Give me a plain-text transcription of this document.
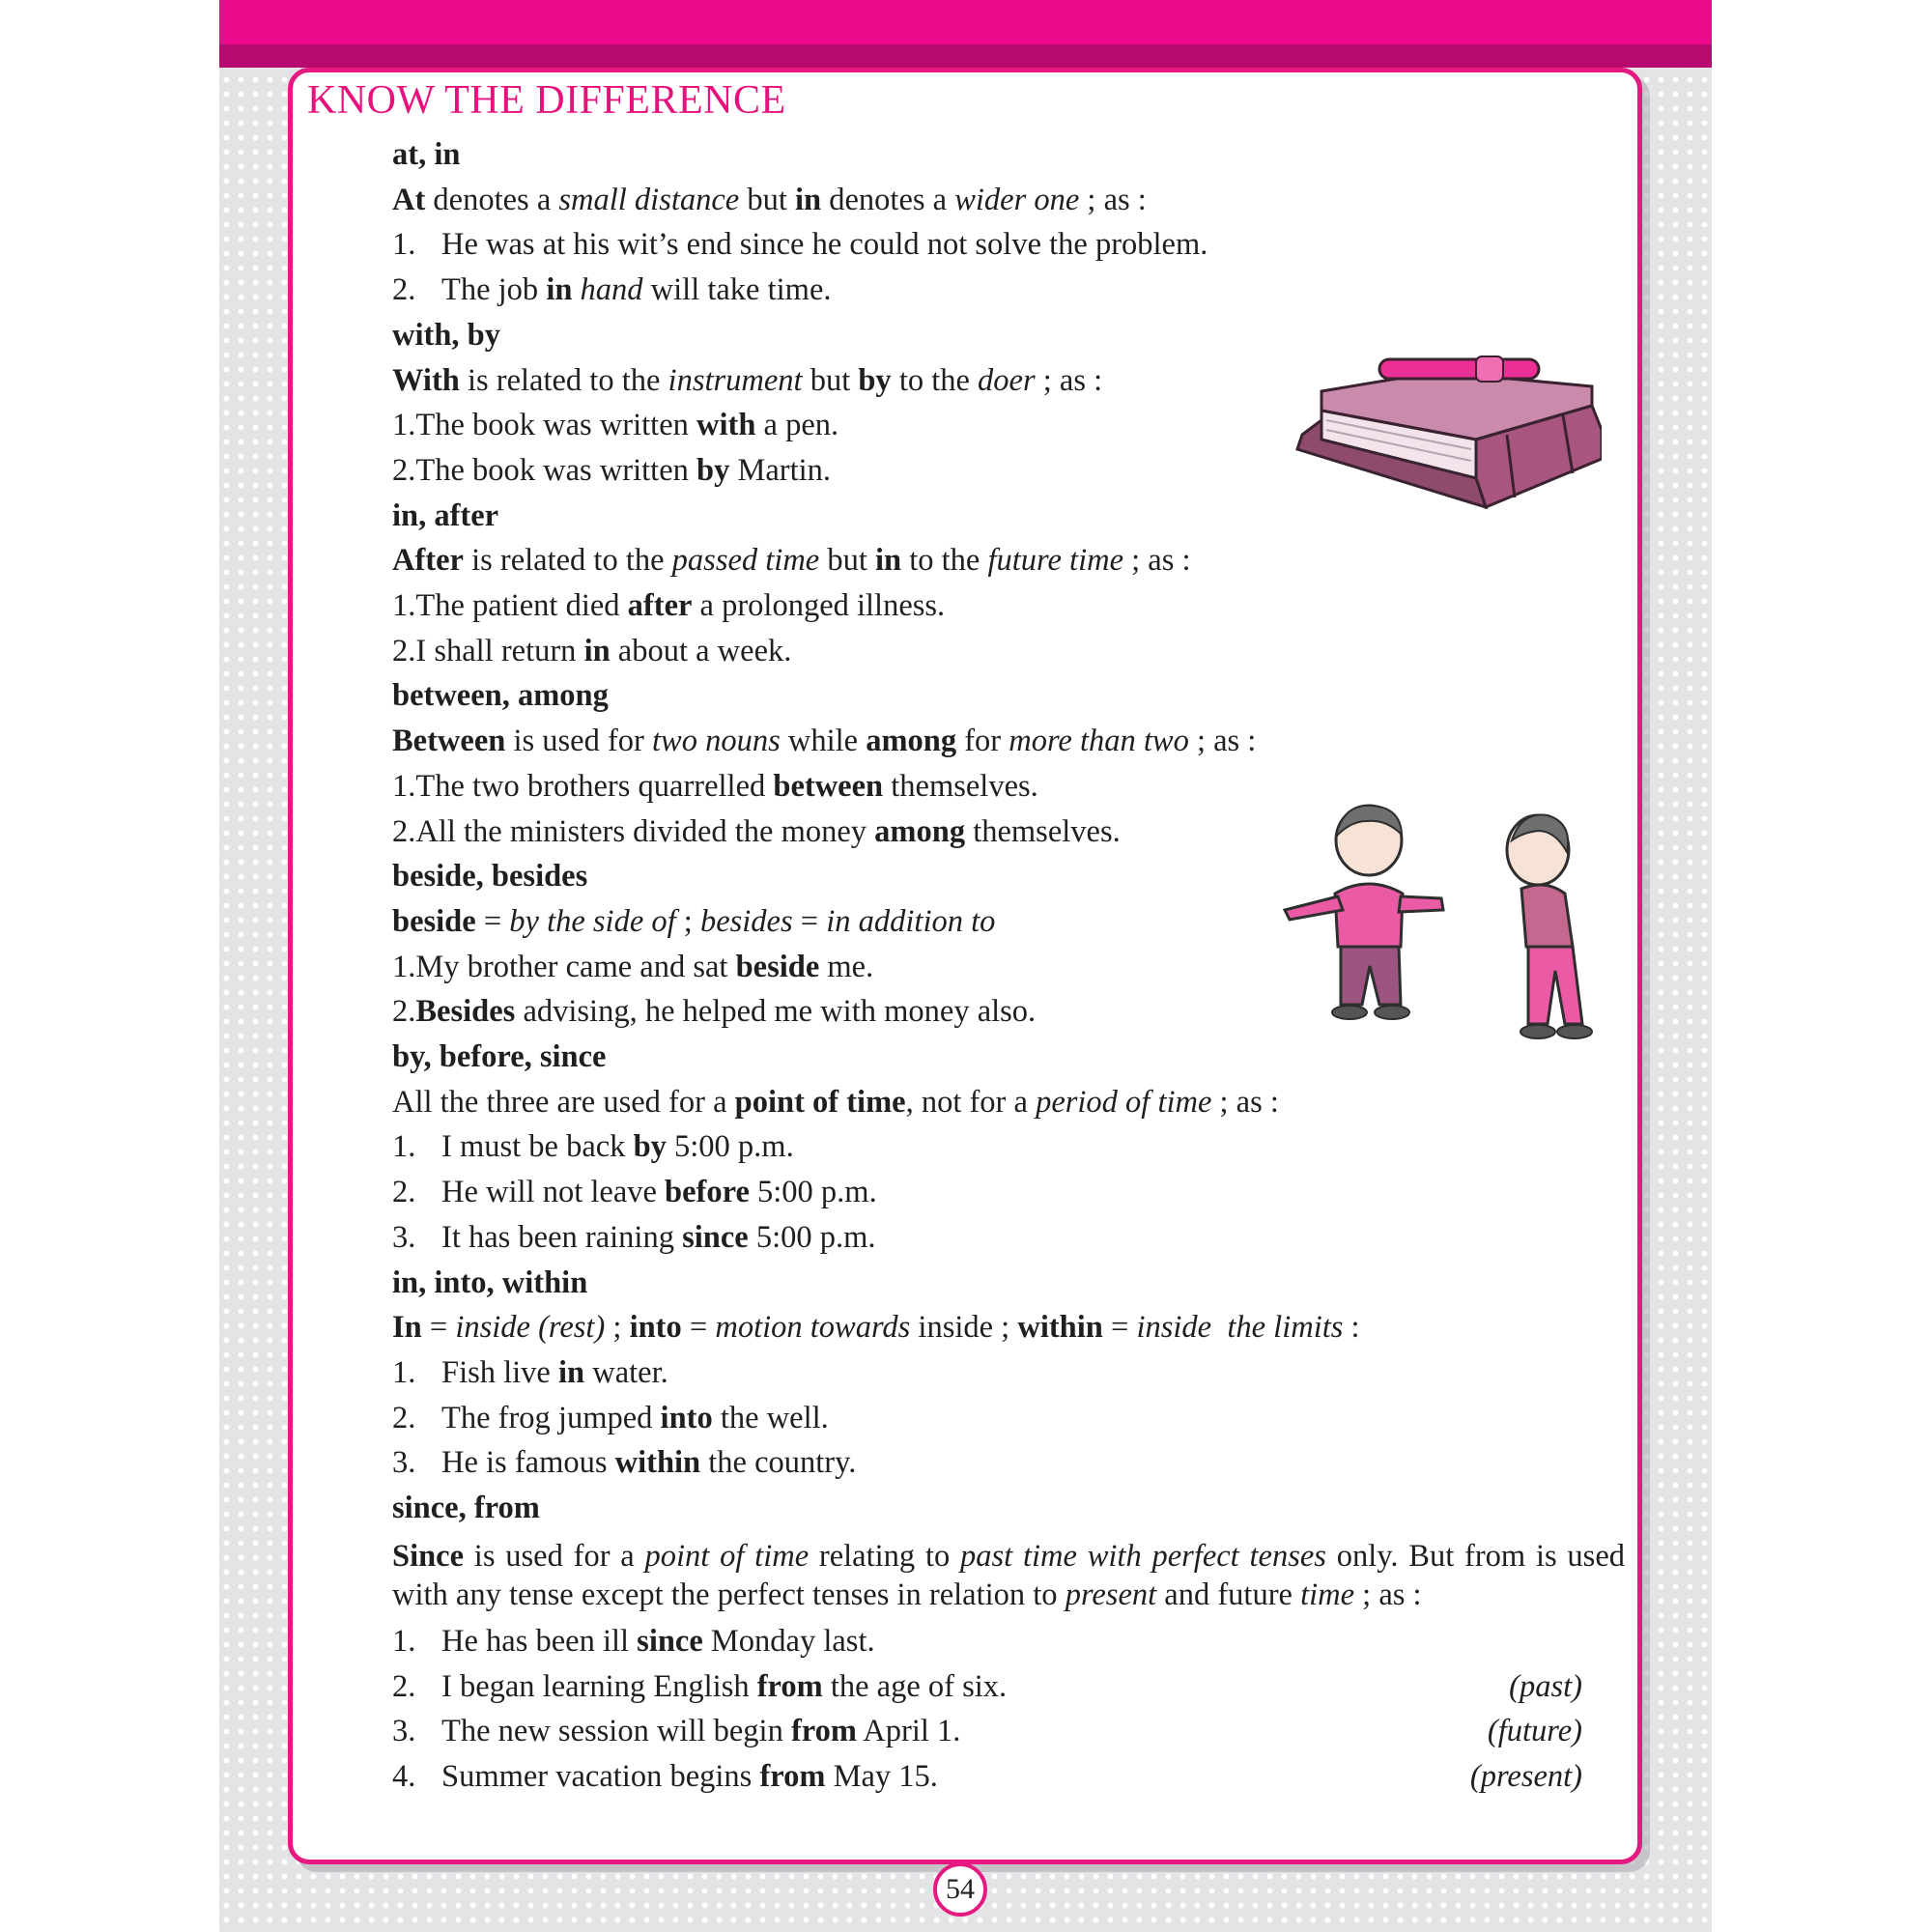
KNOW THE DIFFERENCE
at, in
At denotes a small distance but in denotes a wider one ; as :
1. He was at his wit’s end since he could not solve the problem.
2. The job in hand will take time.
with, by
With is related to the instrument but by to the doer ; as :
1.The book was written with a pen.
2.The book was written by Martin.
in, after
After is related to the passed time but in to the future time ; as :
1.The patient died after a prolonged illness.
2.I shall return in about a week.
between, among
Between is used for two nouns while among for more than two ; as :
1.The two brothers quarrelled between themselves.
2.All the ministers divided the money among themselves.
beside, besides
beside = by the side of ; besides = in addition to
1.My brother came and sat beside me.
2.Besides advising, he helped me with money also.
by, before, since
All the three are used for a point of time, not for a period of time ; as :
1. I must be back by 5:00 p.m.
2. He will not leave before 5:00 p.m.
3. It has been raining since 5:00 p.m.
in, into, within
In = inside (rest) ; into = motion towards inside ; within = inside  the limits :
1. Fish live in water.
2. The frog jumped into the well.
3. He is famous within the country.
since, from
Since is used for a point of time relating to past time with perfect tenses only. But from is used with any tense except the perfect tenses in relation to present and future time ; as :
1. He has been ill since Monday last.
2. I began learning English from the age of six.	(past)
3. The new session will begin from April 1.	(future)
4. Summer vacation begins from May 15.	(present)
54
